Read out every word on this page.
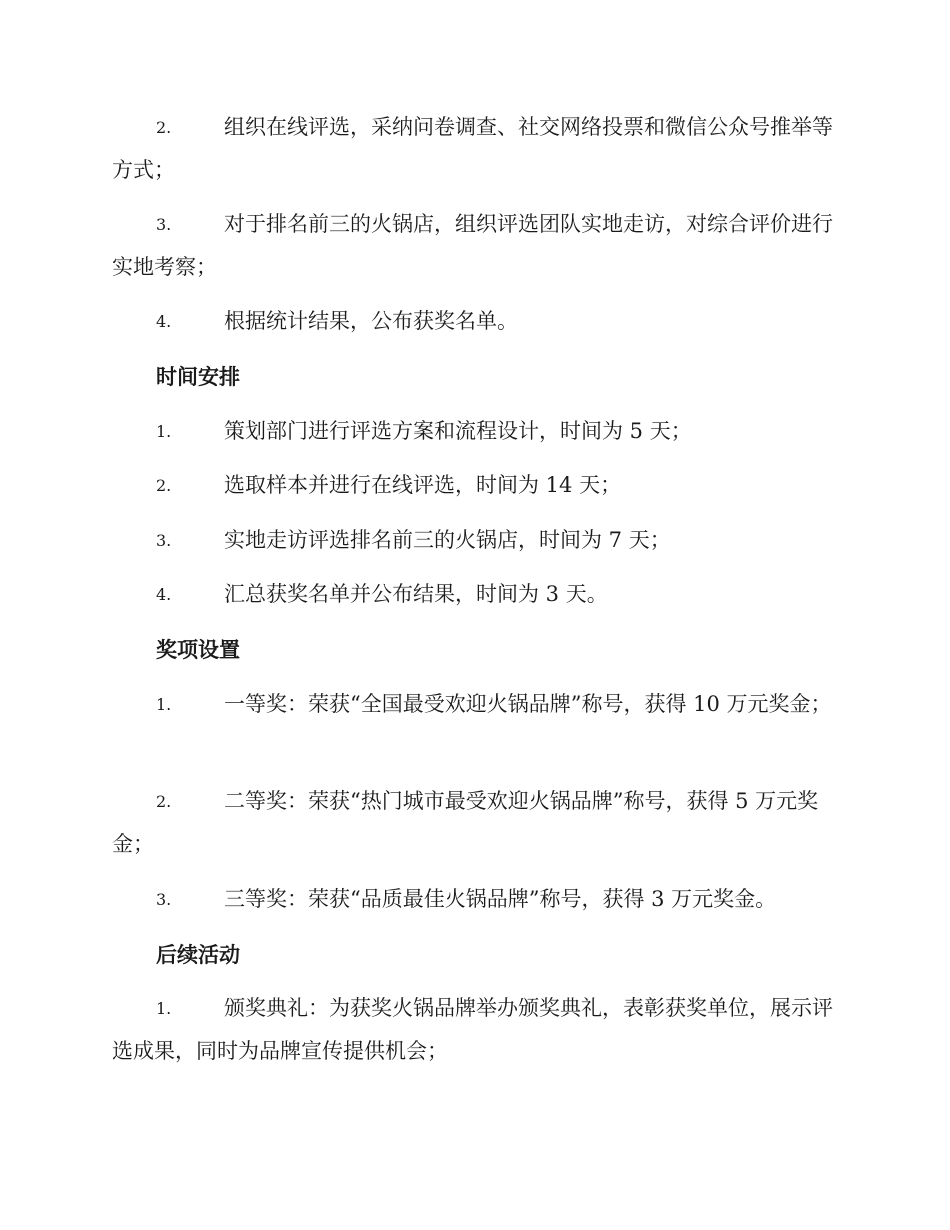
2.	组织在线评选，采纳问卷调查、社交网络投票和微信公众号推举等方式；
3.	对于排名前三的火锅店，组织评选团队实地走访，对综合评价进行实地考察；
4.	根据统计结果，公布获奖名单。
时间安排
1.	策划部门进行评选方案和流程设计，时间为 5 天；
2.	选取样本并进行在线评选，时间为 14 天；
3.	实地走访评选排名前三的火锅店，时间为 7 天；
4.	汇总获奖名单并公布结果，时间为 3 天。
奖项设置
1.	一等奖：荣获“全国最受欢迎火锅品牌”称号，获得 10 万元奖金；
2.	二等奖：荣获“热门城市最受欢迎火锅品牌”称号，获得 5 万元奖金；
3.	三等奖：荣获“品质最佳火锅品牌”称号，获得 3 万元奖金。
后续活动
1.	颁奖典礼：为获奖火锅品牌举办颁奖典礼，表彰获奖单位，展示评选成果，同时为品牌宣传提供机会；
